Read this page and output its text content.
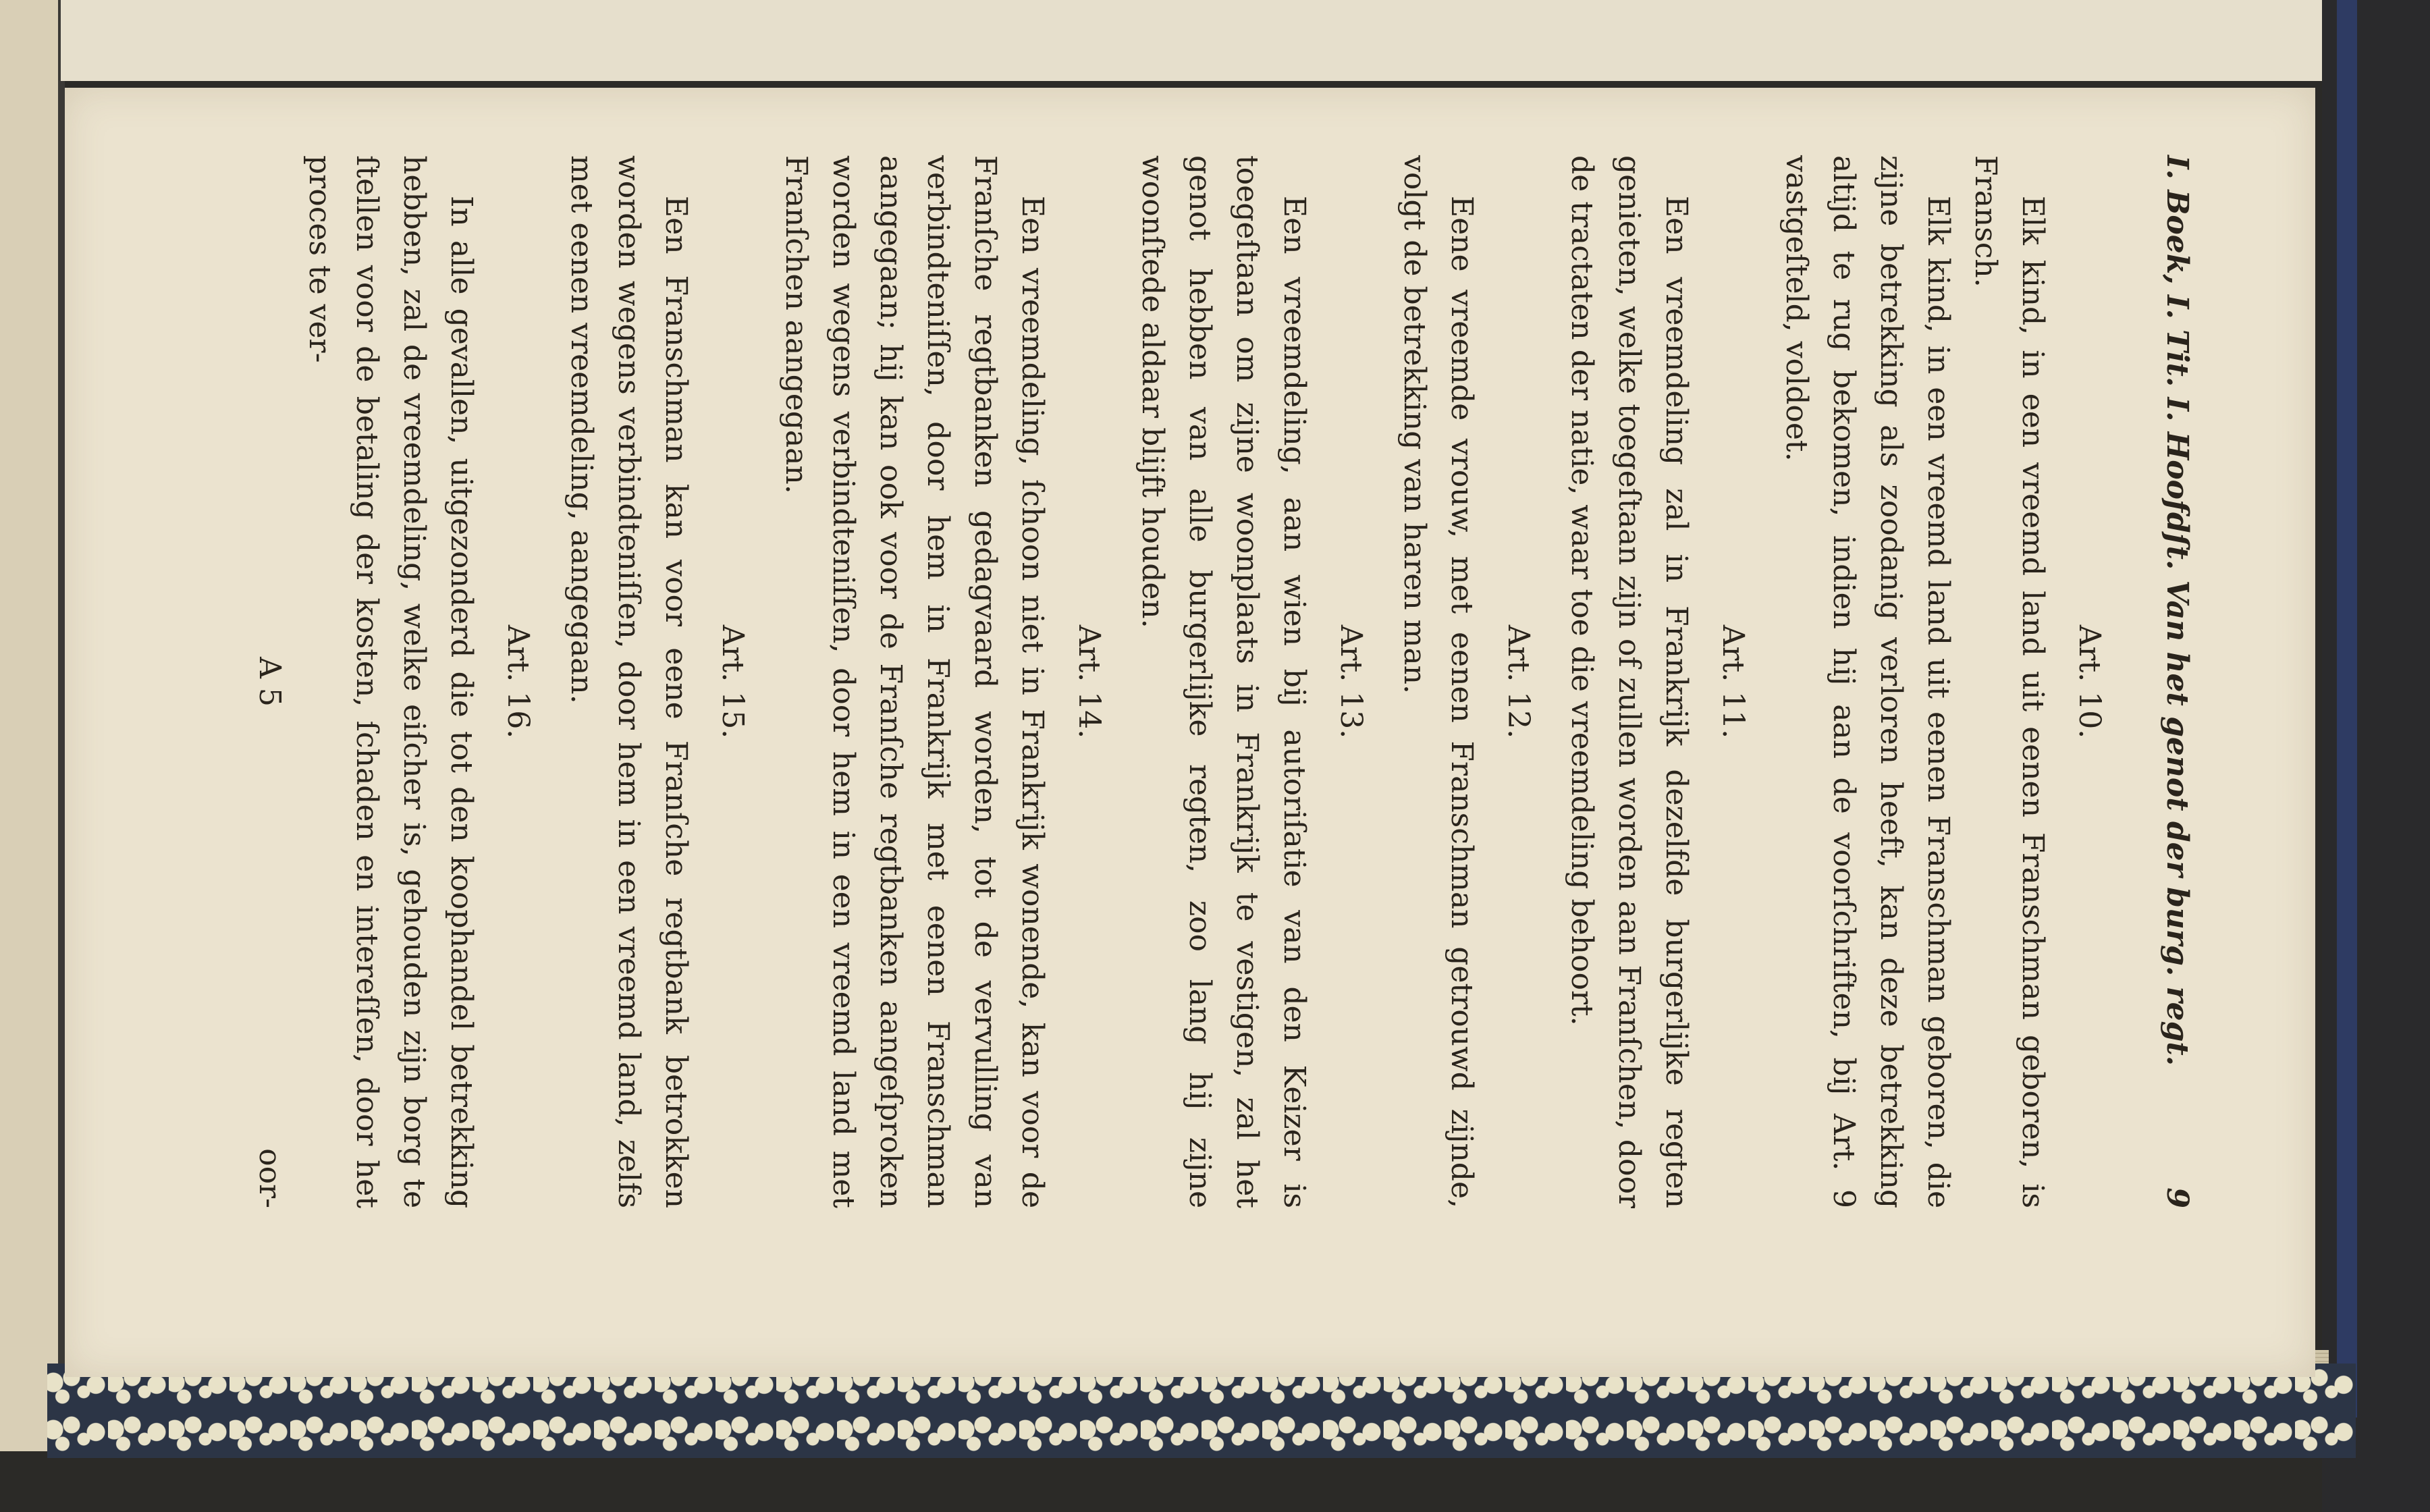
I. Boek, I. Tit. I. Hoofdſt. Van het genot der burg. regt.
9
Art. 10.

Elk kind, in een vreemd land uit eenen Franschman geboren, is Fransch.

Elk kind, in een vreemd land uit eenen Franschman geboren, die zijne betrekking als zoodanig verloren heeft, kan deze betrekking altijd te rug bekomen, indien hij aan de voorſchriften, bij Art. 9 vastgeſteld, voldoet.

Art. 11.

Een vreemdeling zal in Frankrijk dezelfde burgerlijke regten genieten, welke toegeſtaan zijn of zullen worden aan Franſchen, door de tractaten der natie, waar toe die vreemdeling behoort.

Art. 12.

Eene vreemde vrouw, met eenen Franschman getrouwd zijnde, volgt de betrekking van haren man.

Art. 13.

Een vreemdeling, aan wien bij autoriſatie van den Keizer is toegeſtaan om zijne woonplaats in Frankrijk te vestigen, zal het genot hebben van alle burgerlijke regten, zoo lang hij zijne woonſtede aldaar blijft houden.

Art. 14.

Een vreemdeling, ſchoon niet in Frankrijk wonende, kan voor de Franſche regtbanken gedagvaard worden, tot de vervulling van verbindteniſſen, door hem in Frankrijk met eenen Franschman aangegaan; hij kan ook voor de Franſche regtbanken aangeſproken worden wegens verbindteniſſen, door hem in een vreemd land met Franſchen aangegaan.

Art. 15.

Een Franschman kan voor eene Franſche regtbank betrokken worden wegens verbindteniſſen, door hem in een vreemd land, zelfs met eenen vreemdeling, aangegaan.

Art. 16.

In alle gevallen, uitgezonderd die tot den koophandel betrekking hebben, zal de vreemdeling, welke eiſcher is, gehouden zijn borg te ſtellen voor de betaling der kosten, ſchaden en intereſſen, door het proces te ver-

A 5
oor-
